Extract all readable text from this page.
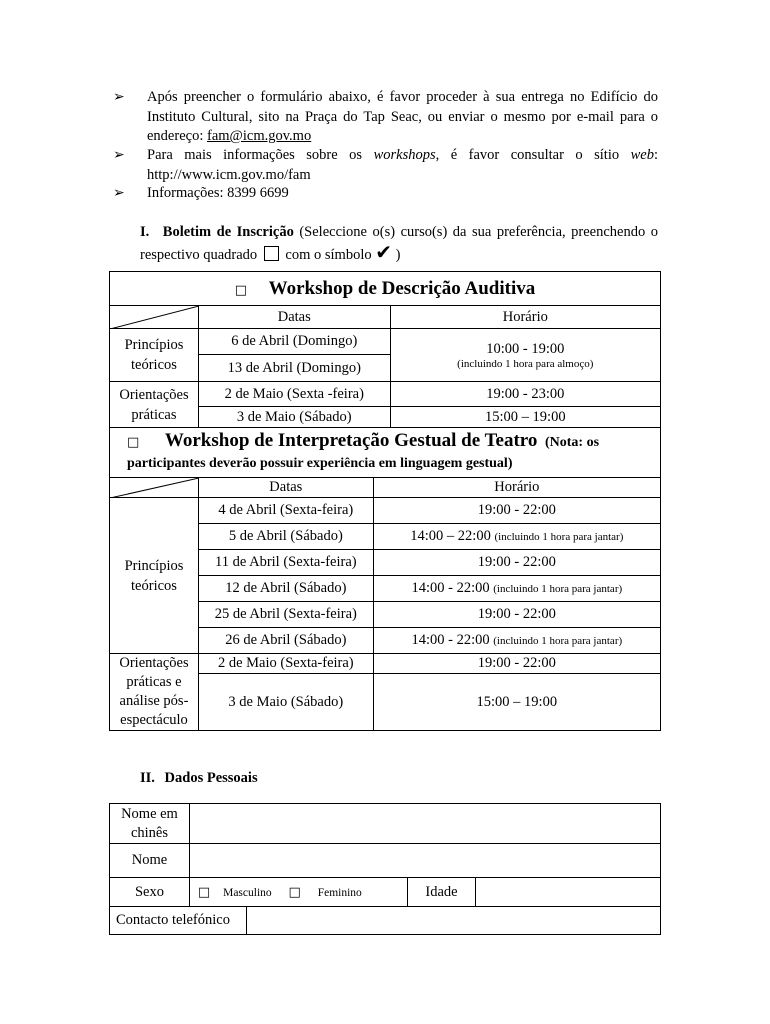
➢ Após preencher o formulário abaixo, é favor proceder à sua entrega no Edifício do Instituto Cultural, sito na Praça do Tap Seac, ou enviar o mesmo por e-mail para o endereço: fam@icm.gov.mo
➢ Para mais informações sobre os workshops, é favor consultar o sítio web: http://www.icm.gov.mo/fam
➢ Informações: 8399 6699
I. Boletim de Inscrição (Seleccione o(s) curso(s) da sua preferência, preenchendo o respectivo quadrado  com o símbolo ✔ )
□ Workshop de Descrição Auditiva		

	Datas	Horário
Princípios teóricos	6 de Abril (Domingo)	10:00 - 19:00
(incluindo 1 hora para almoço)

	13 de Abril (Domingo)	
Orientações práticas	2 de Maio (Sexta -feira)	19:00 - 23:00
	3 de Maio (Sábado)	15:00 – 19:00
□ Workshop de Interpretação Gestual de Teatro (Nota: os participantes deverão possuir experiência em linguagem gestual)		

	Datas	Horário
Princípios teóricos	4 de Abril (Sexta-feira)	19:00 - 22:00
	5 de Abril (Sábado)	14:00 – 22:00 (incluindo 1 hora para jantar)
	11 de Abril (Sexta-feira)	19:00 - 22:00
	12 de Abril (Sábado)	14:00 - 22:00 (incluindo 1 hora para jantar)
	25 de Abril (Sexta-feira)	19:00 - 22:00
	26 de Abril (Sábado)	14:00 - 22:00 (incluindo 1 hora para jantar)
Orientações práticas e análise pós-espectáculo	2 de Maio (Sexta-feira)	19:00 - 22:00
	3 de Maio (Sábado)	15:00 – 19:00
II. Dados Pessoais
Nome em chinês				
Nome				
Sexo	□ Masculino □ Feminino		Idade	
Contacto telefónico				
